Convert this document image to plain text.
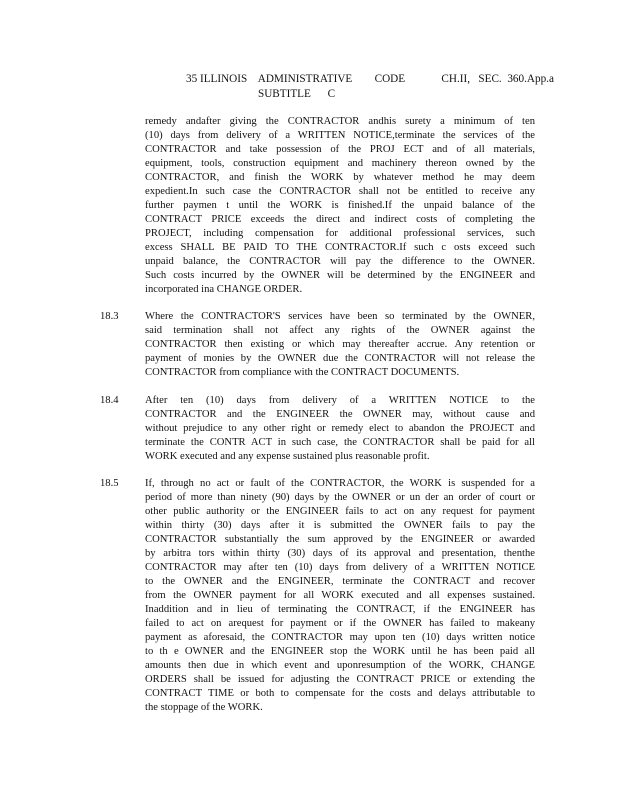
35 ILLINOIS    ADMINISTRATIVE        CODE             CH.II,   SEC.  360.App.a
SUBTITLE      C
remedy andafter giving the CONTRACTOR andhis surety a minimum of ten
(10) days from delivery of a WRITTEN NOTICE,terminate the services of the
CONTRACTOR and take possession of the PROJ ECT and of all materials,
equipment, tools, construction equipment and machinery thereon owned by the
CONTRACTOR, and finish the WORK by whatever method he may deem
expedient.In such case the CONTRACTOR shall not be entitled to receive any
further paymen t until the WORK is finished.If the unpaid balance of the
CONTRACT PRICE exceeds the direct and indirect costs of completing the
PROJECT, including compensation for additional professional services, such
excess SHALL BE PAID TO THE CONTRACTOR.If such c osts exceed such
unpaid balance, the CONTRACTOR will pay the difference to the OWNER.
Such costs incurred by the OWNER will be determined by the ENGINEER and
incorporated ina CHANGE ORDER.
18.3 Where the CONTRACTOR'S services have been so terminated by the OWNER,
said termination shall not affect any rights of the OWNER against the
CONTRACTOR then existing or which may thereafter accrue. Any retention or
payment of monies by the OWNER due the CONTRACTOR will not release the
CONTRACTOR from compliance with the CONTRACT DOCUMENTS.
18.4 After ten (10) days from delivery of a WRITTEN NOTICE to the
CONTRACTOR and the ENGINEER the OWNER may, without cause and
without prejudice to any other right or remedy elect to abandon the PROJECT and
terminate the CONTR ACT in such case, the CONTRACTOR shall be paid for all
WORK executed and any expense sustained plus reasonable profit.
18.5 If, through no act or fault of the CONTRACTOR, the WORK is suspended for a
period of more than ninety (90) days by the OWNER or un der an order of court or
other public authority or the ENGINEER fails to act on any request for payment
within thirty (30) days after it is submitted the OWNER fails to pay the
CONTRACTOR substantially the sum approved by the ENGINEER or awarded
by arbitra tors within thirty (30) days of its approval and presentation, thenthe
CONTRACTOR may after ten (10) days from delivery of a WRITTEN NOTICE
to the OWNER and the ENGINEER, terminate the CONTRACT and recover
from the OWNER payment for all WORK executed and all expenses sustained.
Inaddition and in lieu of terminating the CONTRACT, if the ENGINEER has
failed to act on arequest for payment or if the OWNER has failed to makeany
payment as aforesaid, the CONTRACTOR may upon ten (10) days written notice
to th e OWNER and the ENGINEER stop the WORK until he has been paid all
amounts then due in which event and uponresumption of the WORK, CHANGE
ORDERS shall be issued for adjusting the CONTRACT PRICE or extending the
CONTRACT TIME or both to compensate for the costs and delays attributable to
the stoppage of the WORK.
